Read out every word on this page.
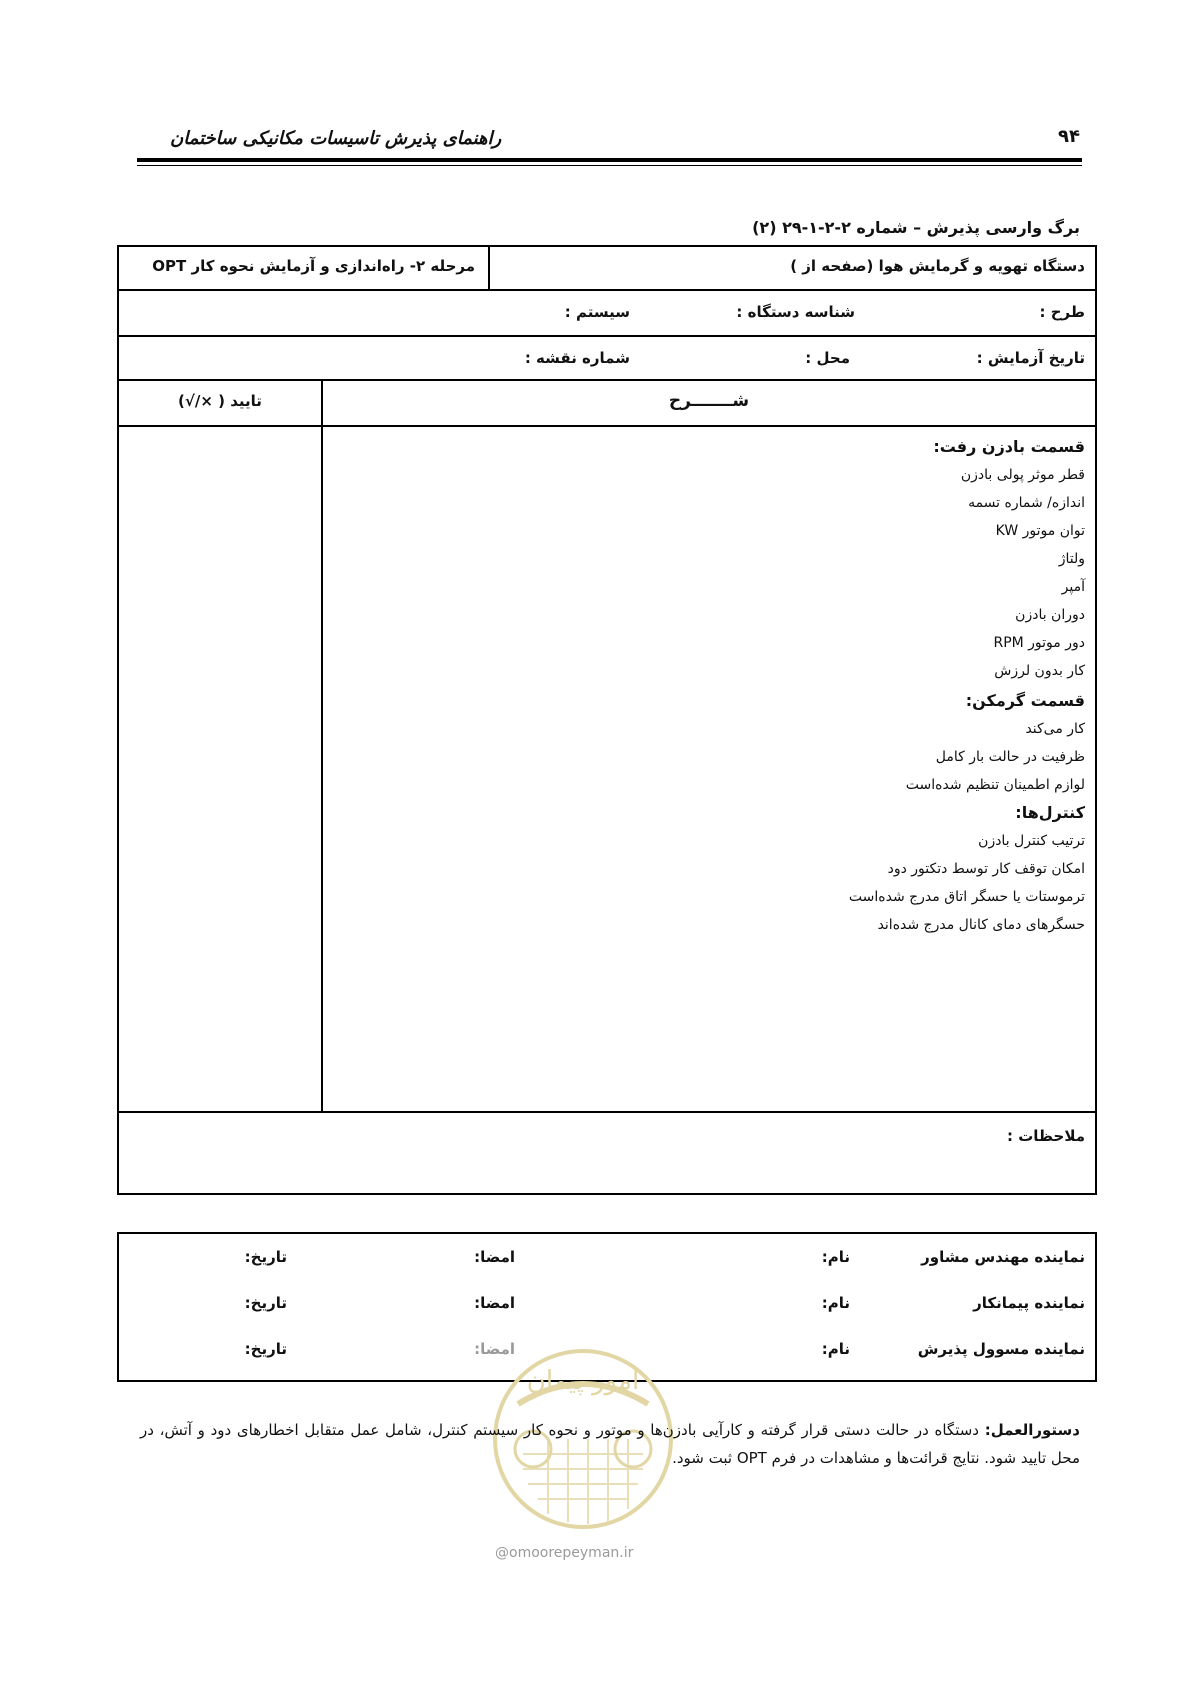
راهنمای پذیرش تاسیسات مکانیکی ساختمان	۹۴
برگ وارسی پذیرش – شماره ۲-۲-۱-۲۹ (۲)
دستگاه تهویه و گرمایش هوا (صفحه از )
مرحله ۲- راه‌اندازی و آزمایش نحوه کار OPT
طرح :
شناسه دستگاه :
سیستم :
تاریخ آزمایش :
محل :
شماره نقشه :
شـــــــرح
تایید ( ×/√)
قسمت بادزن رفت:
قطر موثر پولی بادزن
اندازه/ شماره تسمه
توان موتور KW
ولتاژ
آمپر
دوران بادزن
دور موتور RPM
کار بدون لرزش
قسمت گرمکن:
کار می‌کند
ظرفیت در حالت بار کامل
لوازم اطمینان تنظیم شده‌است
کنترل‌ها:
ترتیب کنترل بادزن
امکان توقف کار توسط دتکتور دود
ترموستات یا حسگر اتاق مدرج شده‌است
حسگرهای دمای کانال مدرج شده‌اند
ملاحظات :
نماینده مهندس مشاور
نام:
امضا:
تاریخ:
نماینده پیمانکار
نام:
امضا:
تاریخ:
نماینده مسوول پذیرش
نام:
امضا:
تاریخ:
امور پیمان
دستورالعمل: دستگاه در حالت دستی قرار گرفته و کارآیی بادزن‌ها و موتور و نحوه کار سیستم کنترل، شامل عمل متقابل اخطارهای دود و آتش، در محل تایید شود. نتایج قرائت‌ها و مشاهدات در فرم OPT ثبت شود.
@omoorepeyman.ir
